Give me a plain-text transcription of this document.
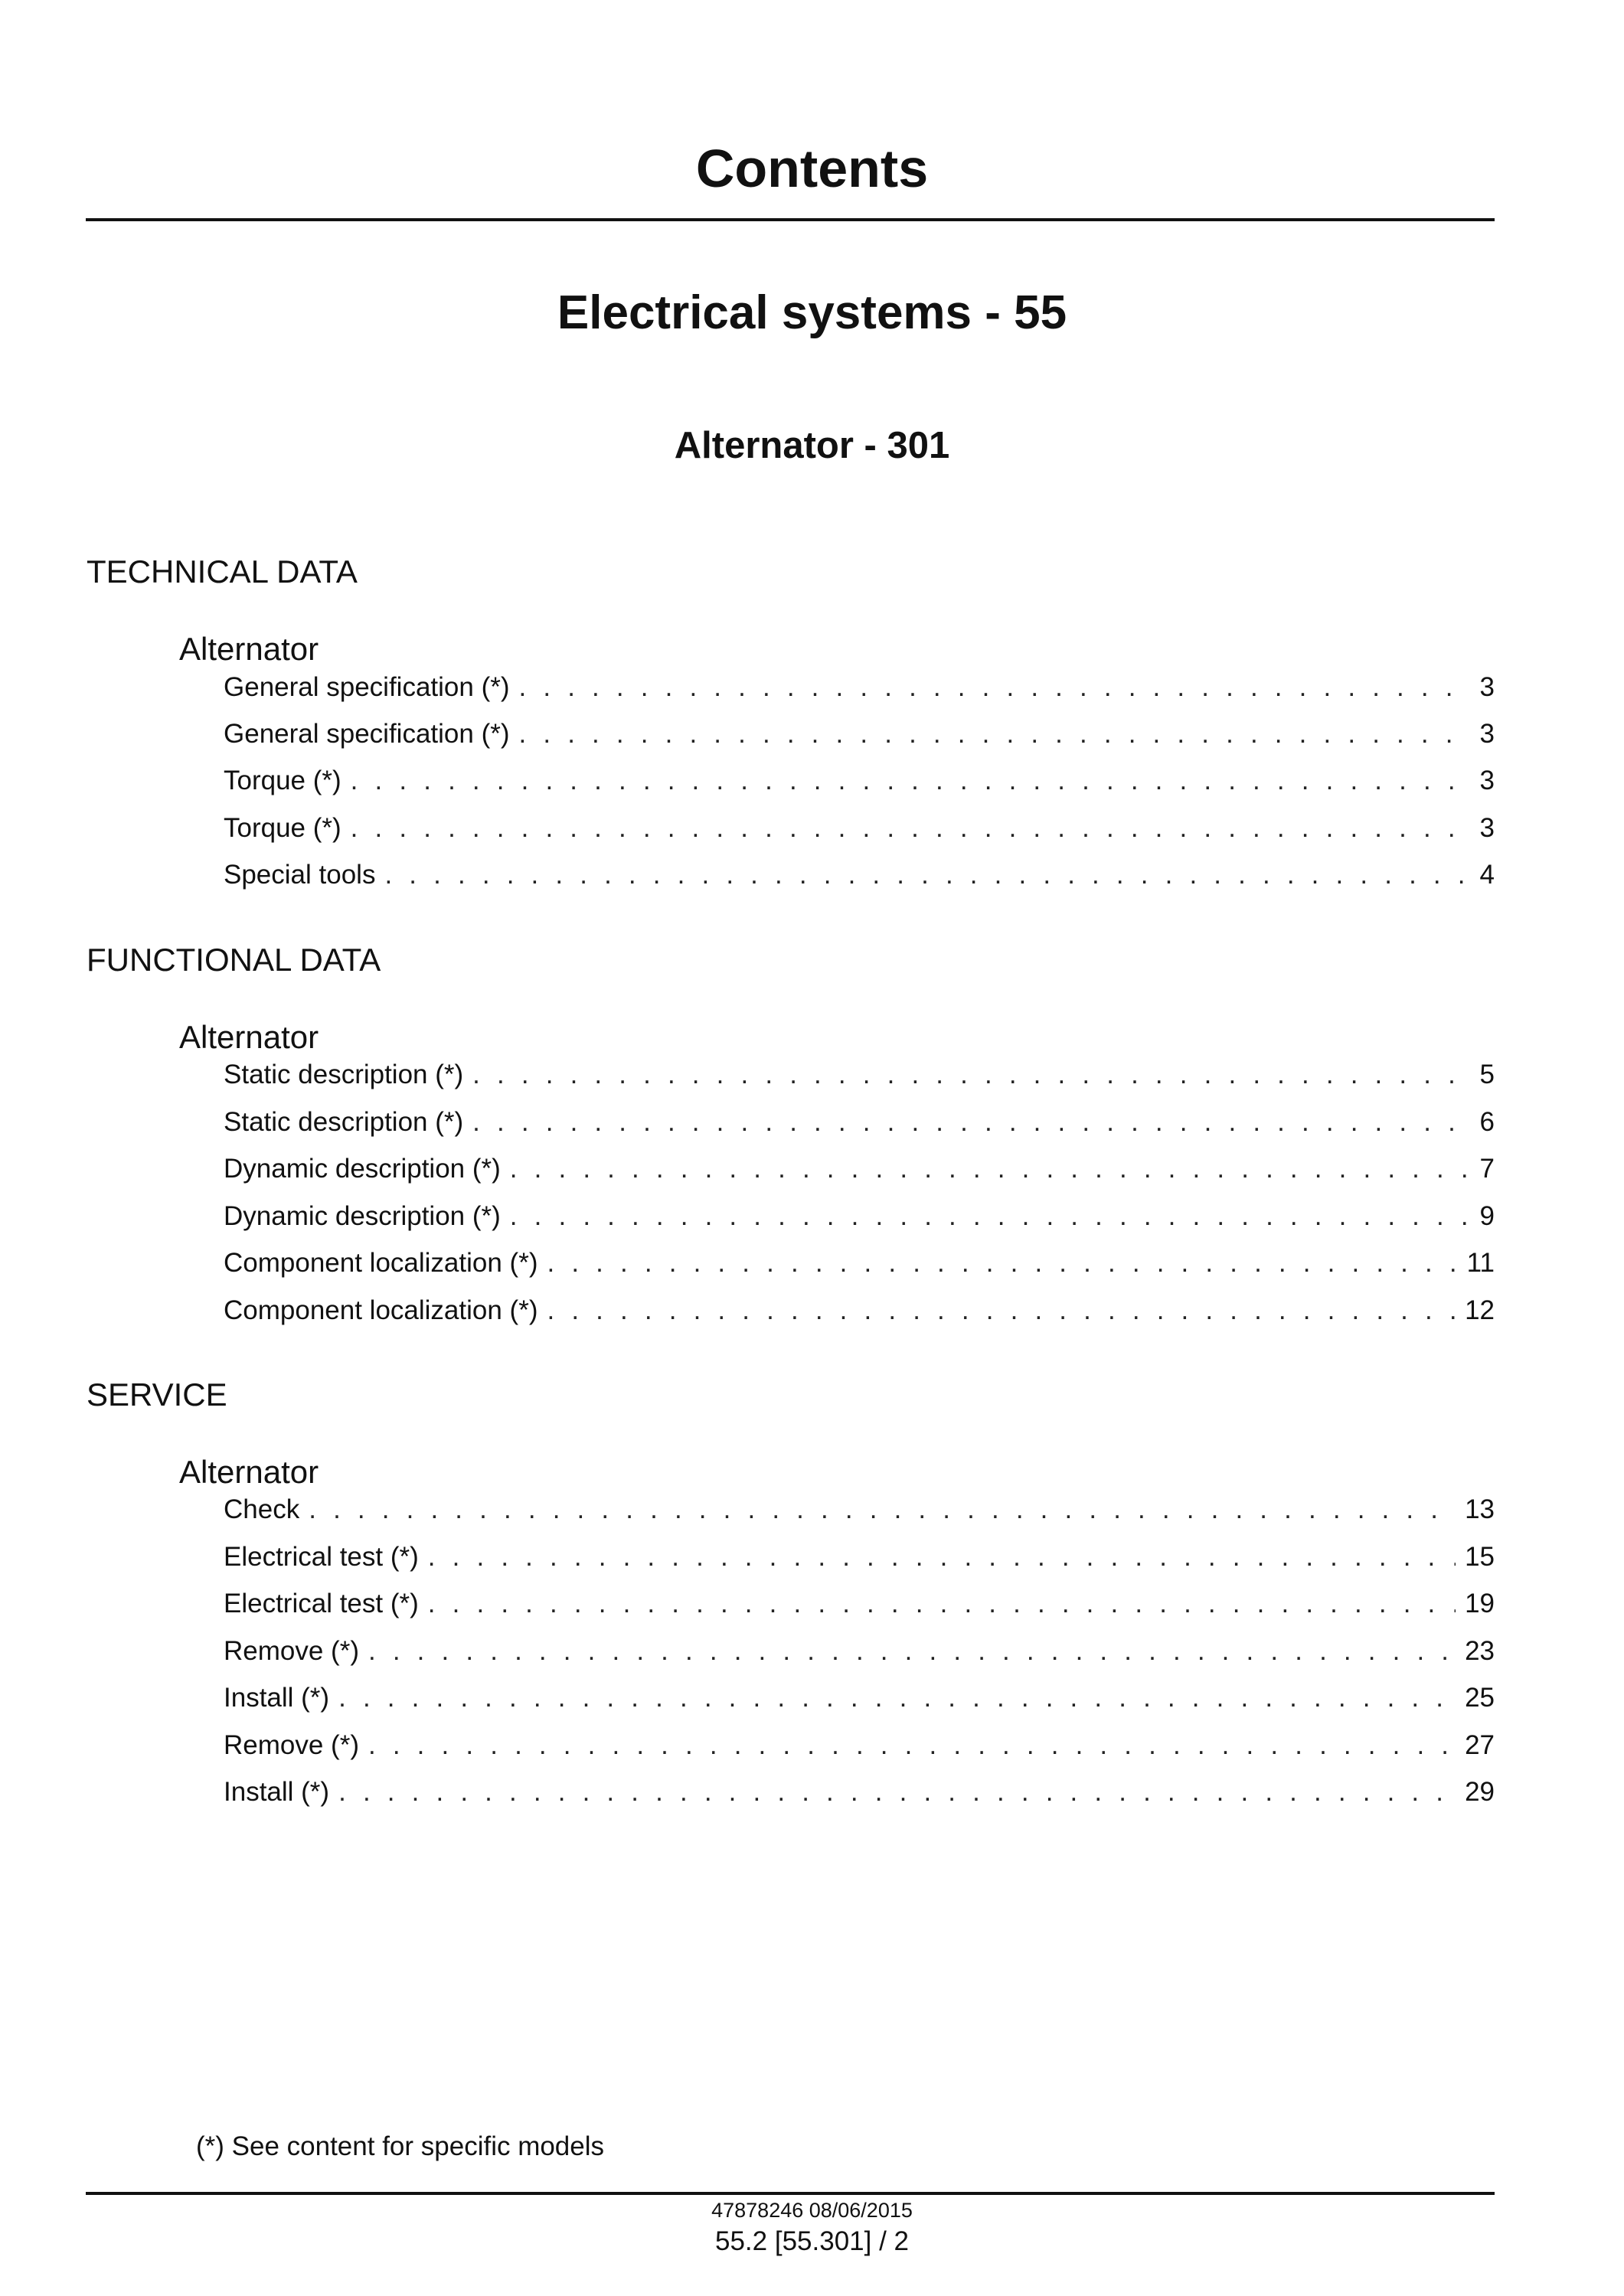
Contents
Electrical systems - 55
Alternator - 301
TECHNICAL DATA
Alternator
General specification (*) . . .	3
General specification (*) . . .	3
Torque (*) . . .	3
Torque (*) . . .	3
Special tools . . .	4
FUNCTIONAL DATA
Alternator
Static description (*) . . .	5
Static description (*) . . .	6
Dynamic description (*) . . .	7
Dynamic description (*) . . .	9
Component localization (*) . . .	11
Component localization (*) . . .	12
SERVICE
Alternator
Check . . .	13
Electrical test (*) . . .	15
Electrical test (*) . . .	19
Remove (*) . . .	23
Install (*) . . .	25
Remove (*) . . .	27
Install (*) . . .	29
(*) See content for specific models
47878246 08/06/2015
55.2 [55.301] / 2
